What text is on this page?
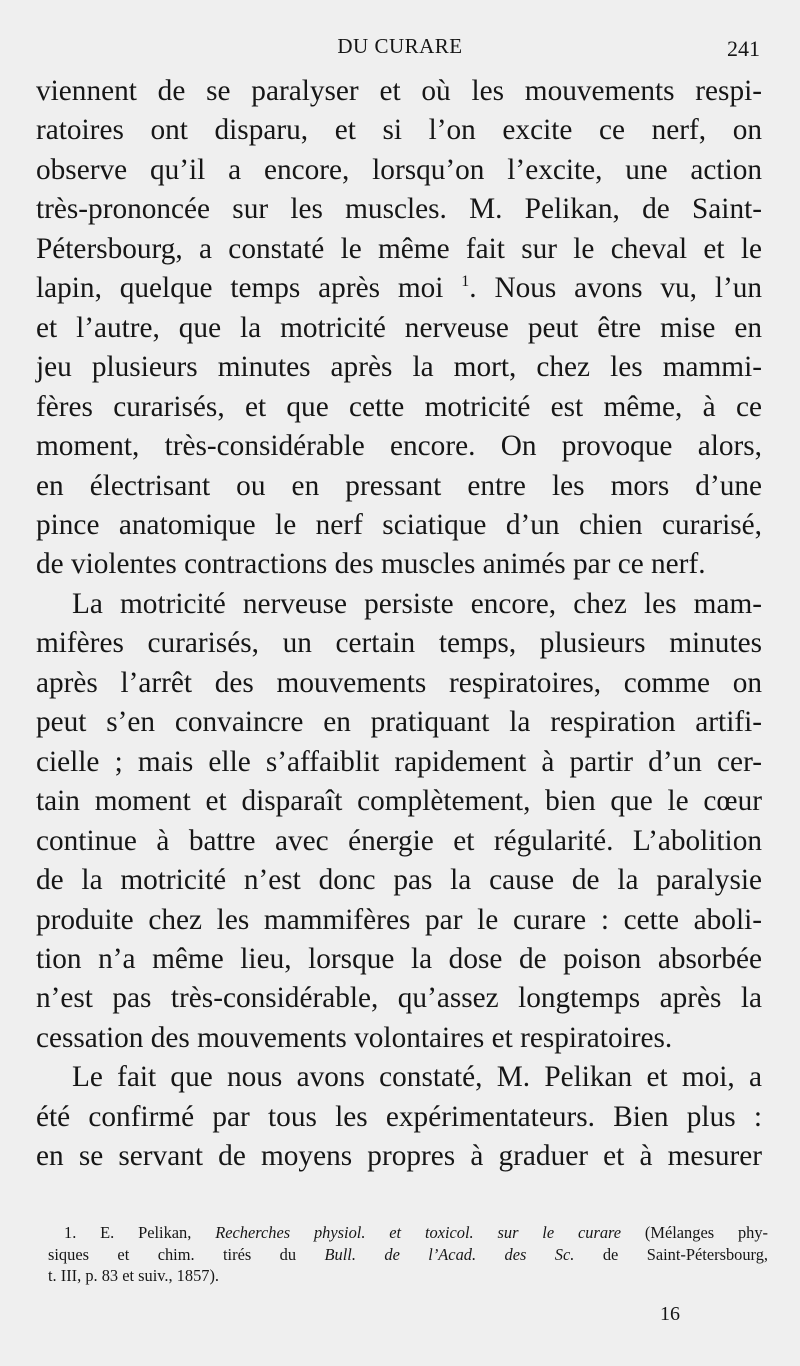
DU CURARE	241
viennent de se paralyser et où les mouvements respi-
ratoires ont disparu, et si l’on excite ce nerf, on
observe qu’il a encore, lorsqu’on l’excite, une action
très-prononcée sur les muscles. M. Pelikan, de Saint-
Pétersbourg, a constaté le même fait sur le cheval et le
lapin, quelque temps après moi $^1$. Nous avons vu, l’un
et l’autre, que la motricité nerveuse peut être mise en
jeu plusieurs minutes après la mort, chez les mammi-
fères curarisés, et que cette motricité est même, à ce
moment, très-considérable encore. On provoque alors,
en électrisant ou en pressant entre les mors d’une
pince anatomique le nerf sciatique d’un chien curarisé,
de violentes contractions des muscles animés par ce nerf.
La motricité nerveuse persiste encore, chez les mam-
mifères curarisés, un certain temps, plusieurs minutes
après l’arrêt des mouvements respiratoires, comme on
peut s’en convaincre en pratiquant la respiration artifi-
cielle ; mais elle s’affaiblit rapidement à partir d’un cer-
tain moment et disparaît complètement, bien que le cœur
continue à battre avec énergie et régularité. L’abolition
de la motricité n’est donc pas la cause de la paralysie
produite chez les mammifères par le curare : cette aboli-
tion n’a même lieu, lorsque la dose de poison absorbée
n’est pas très-considérable, qu’assez longtemps après la
cessation des mouvements volontaires et respiratoires.
Le fait que nous avons constaté, M. Pelikan et moi, a
été confirmé par tous les expérimentateurs. Bien plus :
en se servant de moyens propres à graduer et à mesurer
1. E. Pelikan, Recherches physiol. et toxicol. sur le curare (Mélanges phy-
siques et chim. tirés du Bull. de l’Acad. des Sc. de Saint-Pétersbourg,
t. III, p. 83 et suiv., 1857).
16
